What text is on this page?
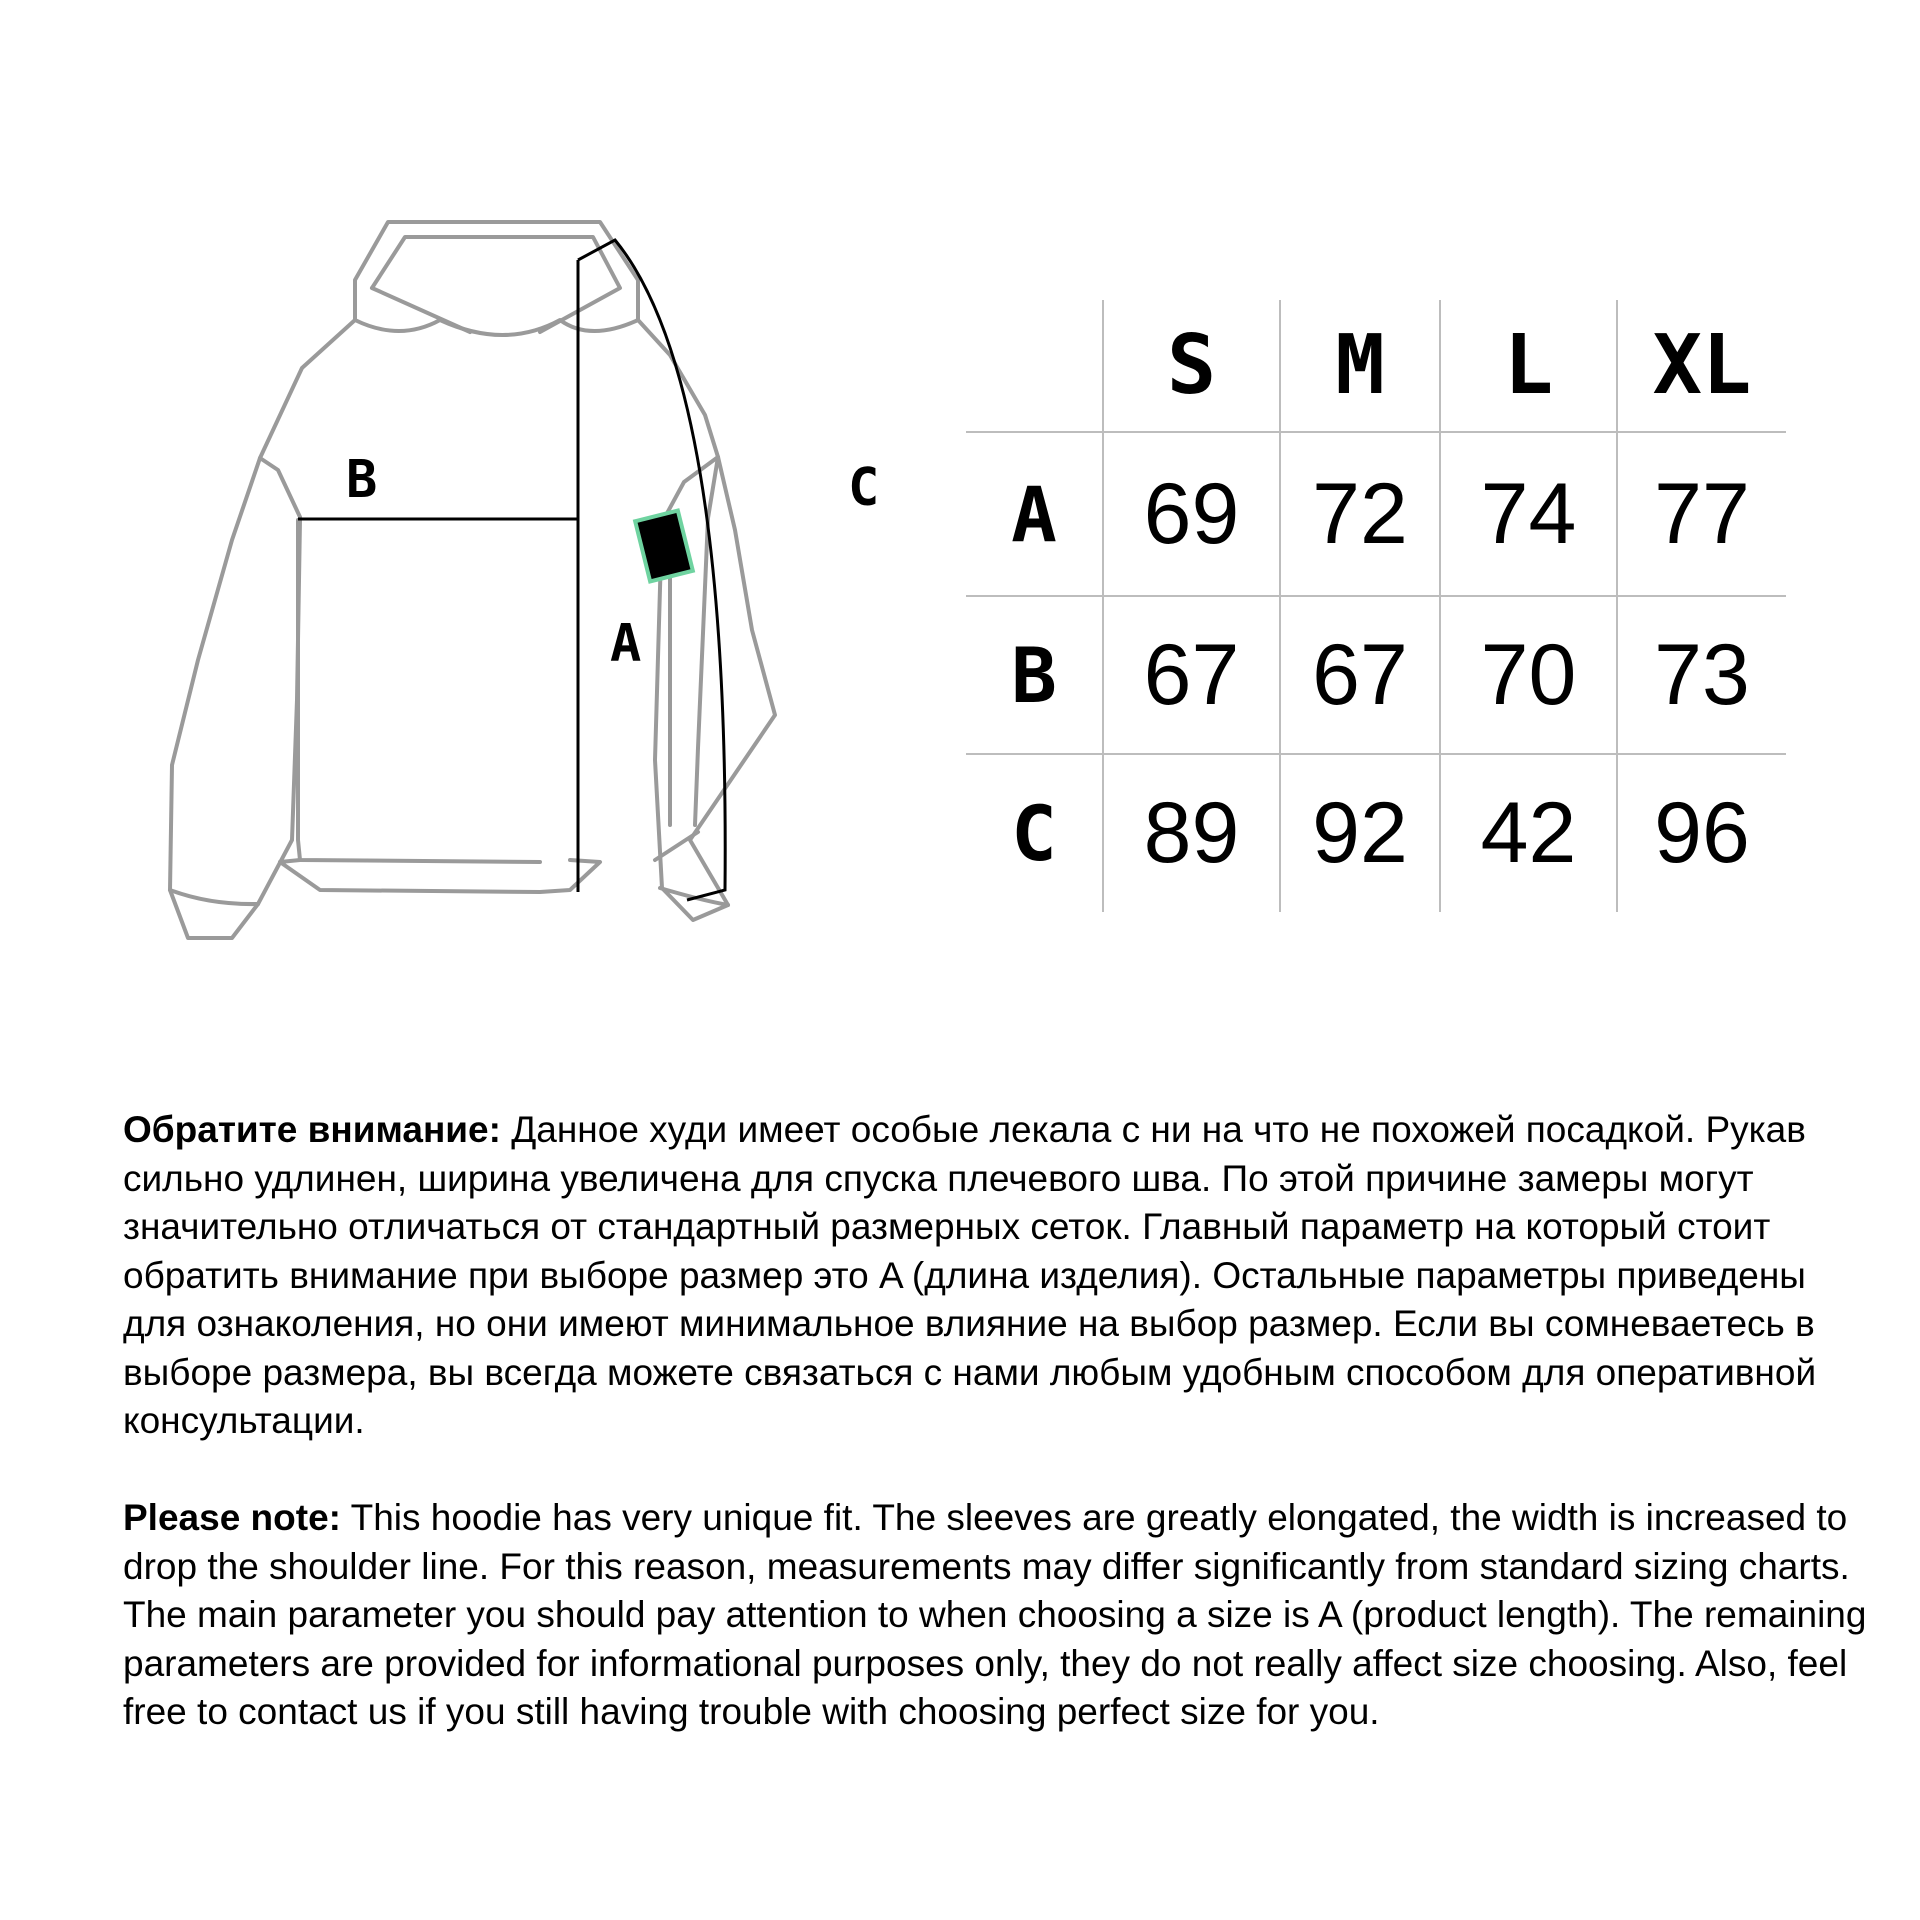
B
A
C
S	M	L	XL
A	69 72 74 77
B	67 67 70 73
C	89 92 42 96
Обратите внимание: Данное худи имеет особые лекала с ни на что не похожей посадкой. Рукав сильно удлинен, ширина увеличена для спуска плечевого шва. По этой причине замеры могут значительно отличаться от стандартный размерных сеток. Главный параметр на который стоит обратить внимание при выборе размер это A (длина изделия). Остальные параметры приведены для ознаколения, но они имеют минимальное влияние на выбор размер. Если вы сомневаетесь в выборе размера, вы всегда можете связаться с нами любым удобным способом для оперативной консультации.
Please note: This hoodie has very unique fit. The sleeves are greatly elongated, the width is increased to drop the shoulder line. For this reason, measurements may differ significantly from standard sizing charts. The main parameter you should pay attention to when choosing a size is A (product length). The remaining parameters are provided for informational purposes only, they do not really affect size choosing. Also, feel free to contact us if you still having trouble with choosing perfect size for you.
